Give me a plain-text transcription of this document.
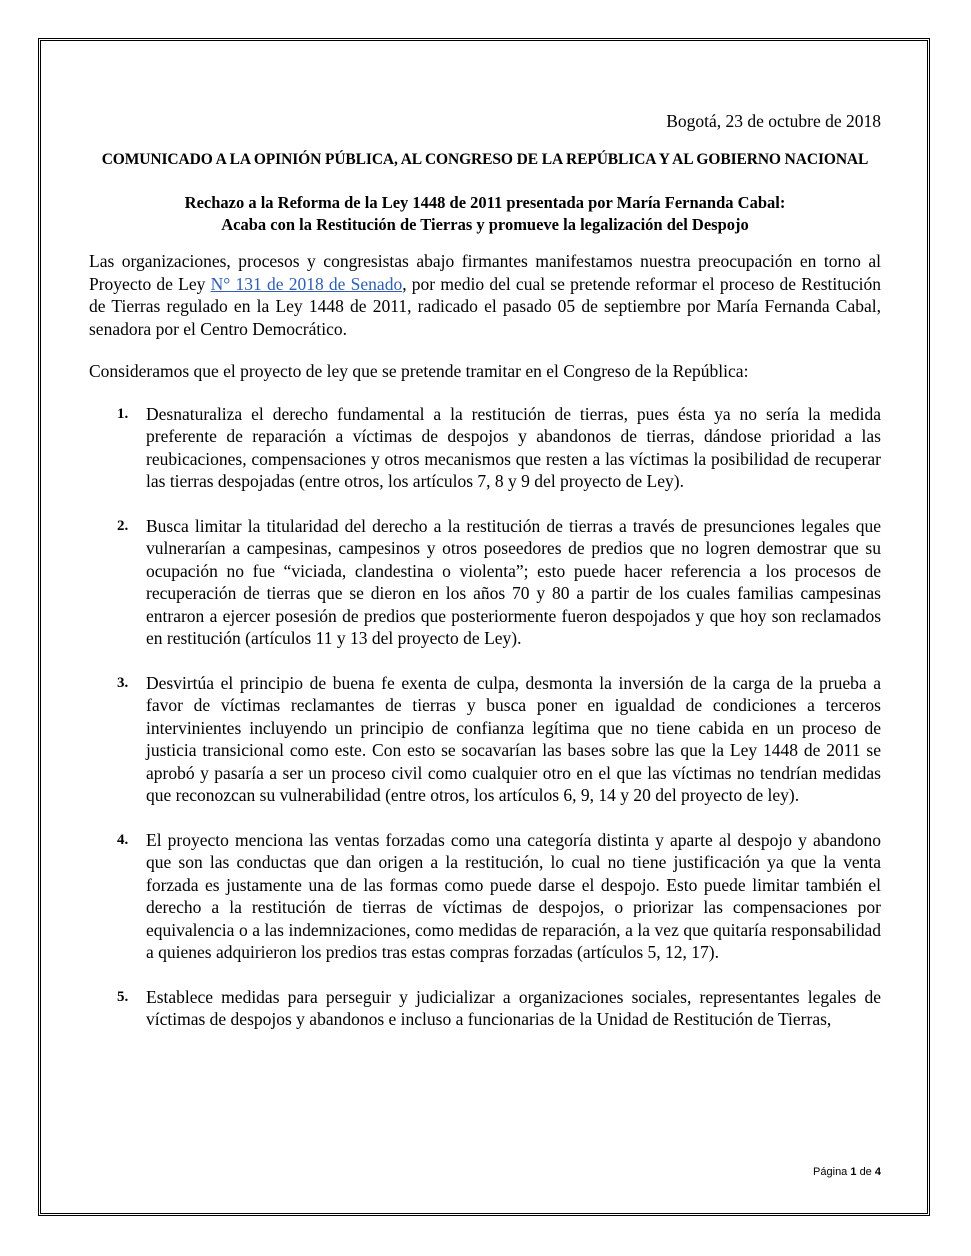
Bogotá, 23 de octubre de 2018

COMUNICADO A LA OPINIÓN PÚBLICA, AL CONGRESO DE LA REPÚBLICA Y AL GOBIERNO NACIONAL

Rechazo a la Reforma de la Ley 1448 de 2011 presentada por María Fernanda Cabal:
Acaba con la Restitución de Tierras y promueve la legalización del Despojo

Las organizaciones, procesos y congresistas abajo firmantes manifestamos nuestra preocupación en torno al Proyecto de Ley N° 131 de 2018 de Senado, por medio del cual se pretende reformar el proceso de Restitución de Tierras regulado en la Ley 1448 de 2011, radicado el pasado 05 de septiembre por María Fernanda Cabal, senadora por el Centro Democrático.

Consideramos que el proyecto de ley que se pretende tramitar en el Congreso de la República:

1. Desnaturaliza el derecho fundamental a la restitución de tierras, pues ésta ya no sería la medida preferente de reparación a víctimas de despojos y abandonos de tierras, dándose prioridad a las reubicaciones, compensaciones y otros mecanismos que resten a las víctimas la posibilidad de recuperar las tierras despojadas (entre otros, los artículos 7, 8 y 9 del proyecto de Ley).
2. Busca limitar la titularidad del derecho a la restitución de tierras a través de presunciones legales que vulnerarían a campesinas, campesinos y otros poseedores de predios que no logren demostrar que su ocupación no fue “viciada, clandestina o violenta”; esto puede hacer referencia a los procesos de recuperación de tierras que se dieron en los años 70 y 80 a partir de los cuales familias campesinas entraron a ejercer posesión de predios que posteriormente fueron despojados y que hoy son reclamados en restitución (artículos 11 y 13 del proyecto de Ley).
3. Desvirtúa el principio de buena fe exenta de culpa, desmonta la inversión de la carga de la prueba a favor de víctimas reclamantes de tierras y busca poner en igualdad de condiciones a terceros intervinientes incluyendo un principio de confianza legítima que no tiene cabida en un proceso de justicia transicional como este. Con esto se socavarían las bases sobre las que la Ley 1448 de 2011 se aprobó y pasaría a ser un proceso civil como cualquier otro en el que las víctimas no tendrían medidas que reconozcan su vulnerabilidad (entre otros, los artículos 6, 9, 14 y 20 del proyecto de ley).
4. El proyecto menciona las ventas forzadas como una categoría distinta y aparte al despojo y abandono que son las conductas que dan origen a la restitución, lo cual no tiene justificación ya que la venta forzada es justamente una de las formas como puede darse el despojo. Esto puede limitar también el derecho a la restitución de tierras de víctimas de despojos, o priorizar las compensaciones por equivalencia o a las indemnizaciones, como medidas de reparación, a la vez que quitaría responsabilidad a quienes adquirieron los predios tras estas compras forzadas (artículos 5, 12, 17).
5. Establece medidas para perseguir y judicializar a organizaciones sociales, representantes legales de víctimas de despojos y abandonos e incluso a funcionarias de la Unidad de Restitución de Tierras,
Página 1 de 4
